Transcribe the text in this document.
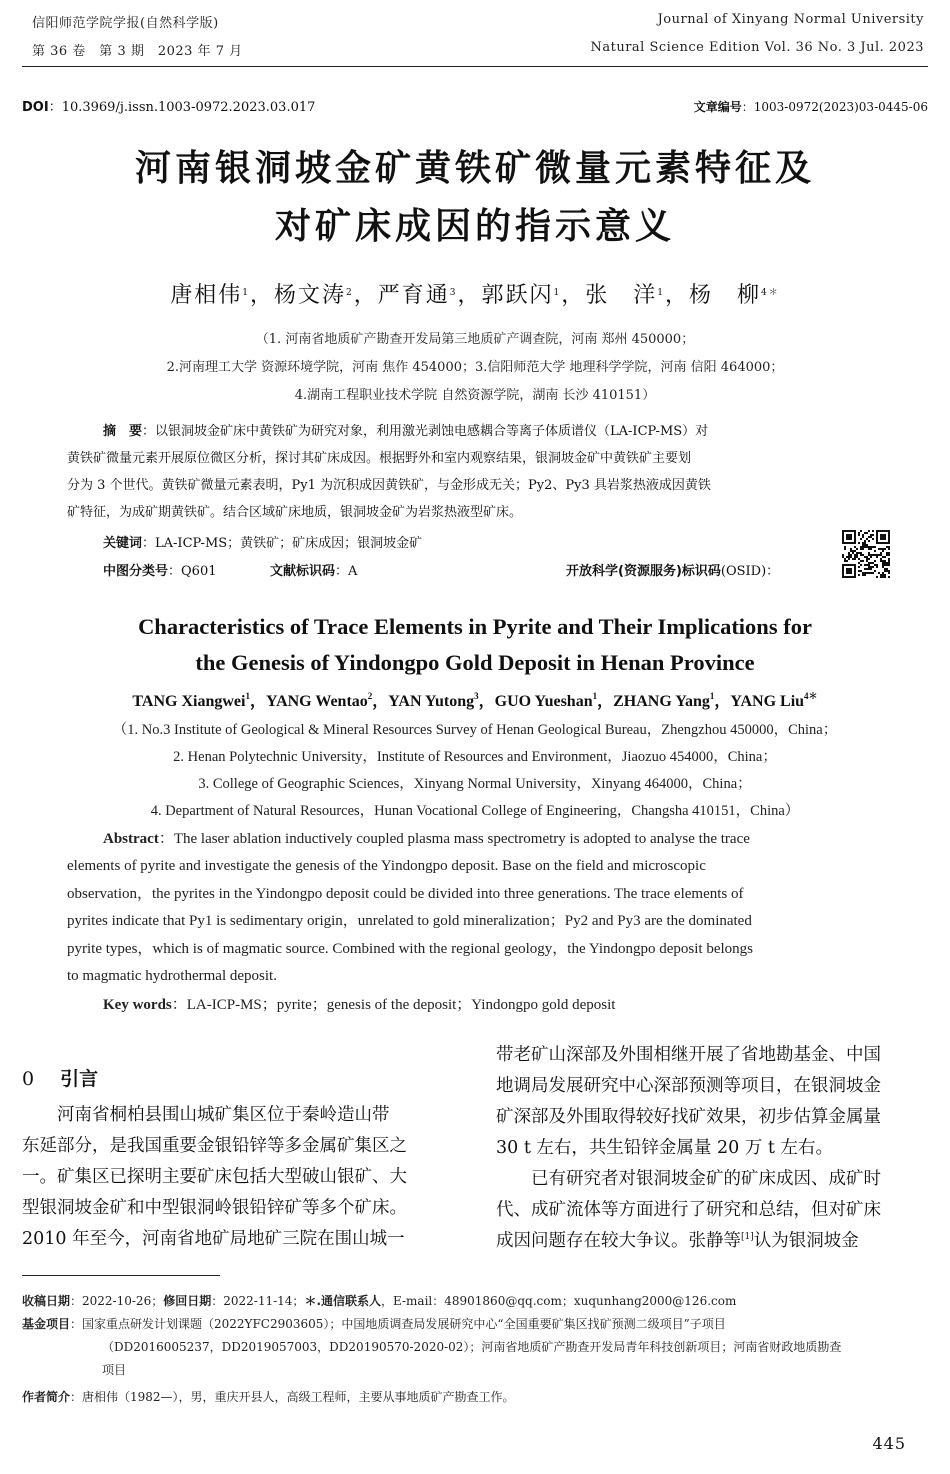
信阳师范学院学报(自然科学版)
第 36 卷　第 3 期　2023 年 7 月
Journal of Xinyang Normal University
Natural Science Edition Vol. 36 No. 3 Jul. 2023
DOI：10.3969/j.issn.1003-0972.2023.03.017	文章编号：1003-0972(2023)03-0445-06
河南银洞坡金矿黄铁矿微量元素特征及
对矿床成因的指示意义
唐相伟$^1$，杨文涛$^2$，严育通$^3$，郭跃闪$^1$，张　洋$^1$，杨　柳$^{4*}$
（1. 河南省地质矿产勘查开发局第三地质矿产调查院，河南 郑州 450000；
2.河南理工大学 资源环境学院，河南 焦作 454000；3.信阳师范大学 地理科学学院，河南 信阳 464000；
4.湖南工程职业技术学院 自然资源学院，湖南 长沙 410151）
摘　要：以银洞坡金矿床中黄铁矿为研究对象，利用激光剥蚀电感耦合等离子体质谱仪（LA-ICP-MS）对
黄铁矿微量元素开展原位微区分析，探讨其矿床成因。根据野外和室内观察结果，银洞坡金矿中黄铁矿主要划
分为 3 个世代。黄铁矿微量元素表明，Py1 为沉积成因黄铁矿，与金形成无关；Py2、Py3 具岩浆热液成因黄铁
矿特征，为成矿期黄铁矿。结合区域矿床地质，银洞坡金矿为岩浆热液型矿床。
关键词：LA-ICP-MS；黄铁矿；矿床成因；银洞坡金矿
中图分类号：Q601	文献标识码：A	开放科学(资源服务)标识码(OSID)：
Characteristics of Trace Elements in Pyrite and Their Implications for
the Genesis of Yindongpo Gold Deposit in Henan Province
TANG Xiangwei$^1$，YANG Wentao$^2$，YAN Yutong$^3$，GUO Yueshan$^1$，ZHANG Yang$^1$，YANG Liu$^{4*}$
（1. No.3 Institute of Geological & Mineral Resources Survey of Henan Geological Bureau，Zhengzhou 450000，China；
2. Henan Polytechnic University，Institute of Resources and Environment，Jiaozuo 454000，China；
3. College of Geographic Sciences，Xinyang Normal University，Xinyang 464000，China；
4. Department of Natural Resources，Hunan Vocational College of Engineering，Changsha 410151，China）
Abstract：The laser ablation inductively coupled plasma mass spectrometry is adopted to analyse the trace
elements of pyrite and investigate the genesis of the Yindongpo deposit. Base on the field and microscopic
observation，the pyrites in the Yindongpo deposit could be divided into three generations. The trace elements of
pyrites indicate that Py1 is sedimentary origin，unrelated to gold mineralization；Py2 and Py3 are the dominated
pyrite types，which is of magmatic source. Combined with the regional geology，the Yindongpo deposit belongs
to magmatic hydrothermal deposit.
Key words：LA-ICP-MS；pyrite；genesis of the deposit；Yindongpo gold deposit
0 引言
　　河南省桐柏县围山城矿集区位于秦岭造山带
东延部分，是我国重要金银铅锌等多金属矿集区之
一。矿集区已探明主要矿床包括大型破山银矿、大
型银洞坡金矿和中型银洞岭银铅锌矿等多个矿床。
2010 年至今，河南省地矿局地矿三院在围山城一
带老矿山深部及外围相继开展了省地勘基金、中国
地调局发展研究中心深部预测等项目，在银洞坡金
矿深部及外围取得较好找矿效果，初步估算金属量
30 t 左右，共生铅锌金属量 20 万 t 左右。
　　已有研究者对银洞坡金矿的矿床成因、成矿时
代、成矿流体等方面进行了研究和总结，但对矿床
成因问题存在较大争议。张静等[1]认为银洞坡金
收稿日期：2022-10-26；修回日期：2022-11-14；＊.通信联系人，E-mail：48901860@qq.com；xuqunhang2000@126.com
基金项目：国家重点研发计划课题（2022YFC2903605）；中国地质调查局发展研究中心“全国重要矿集区找矿预测二级项目”子项目
（DD2016005237，DD2019057003，DD20190570-2020-02）；河南省地质矿产勘查开发局青年科技创新项目；河南省财政地质勘查
项目
作者简介：唐相伟（1982—），男，重庆开县人，高级工程师，主要从事地质矿产勘查工作。
445
